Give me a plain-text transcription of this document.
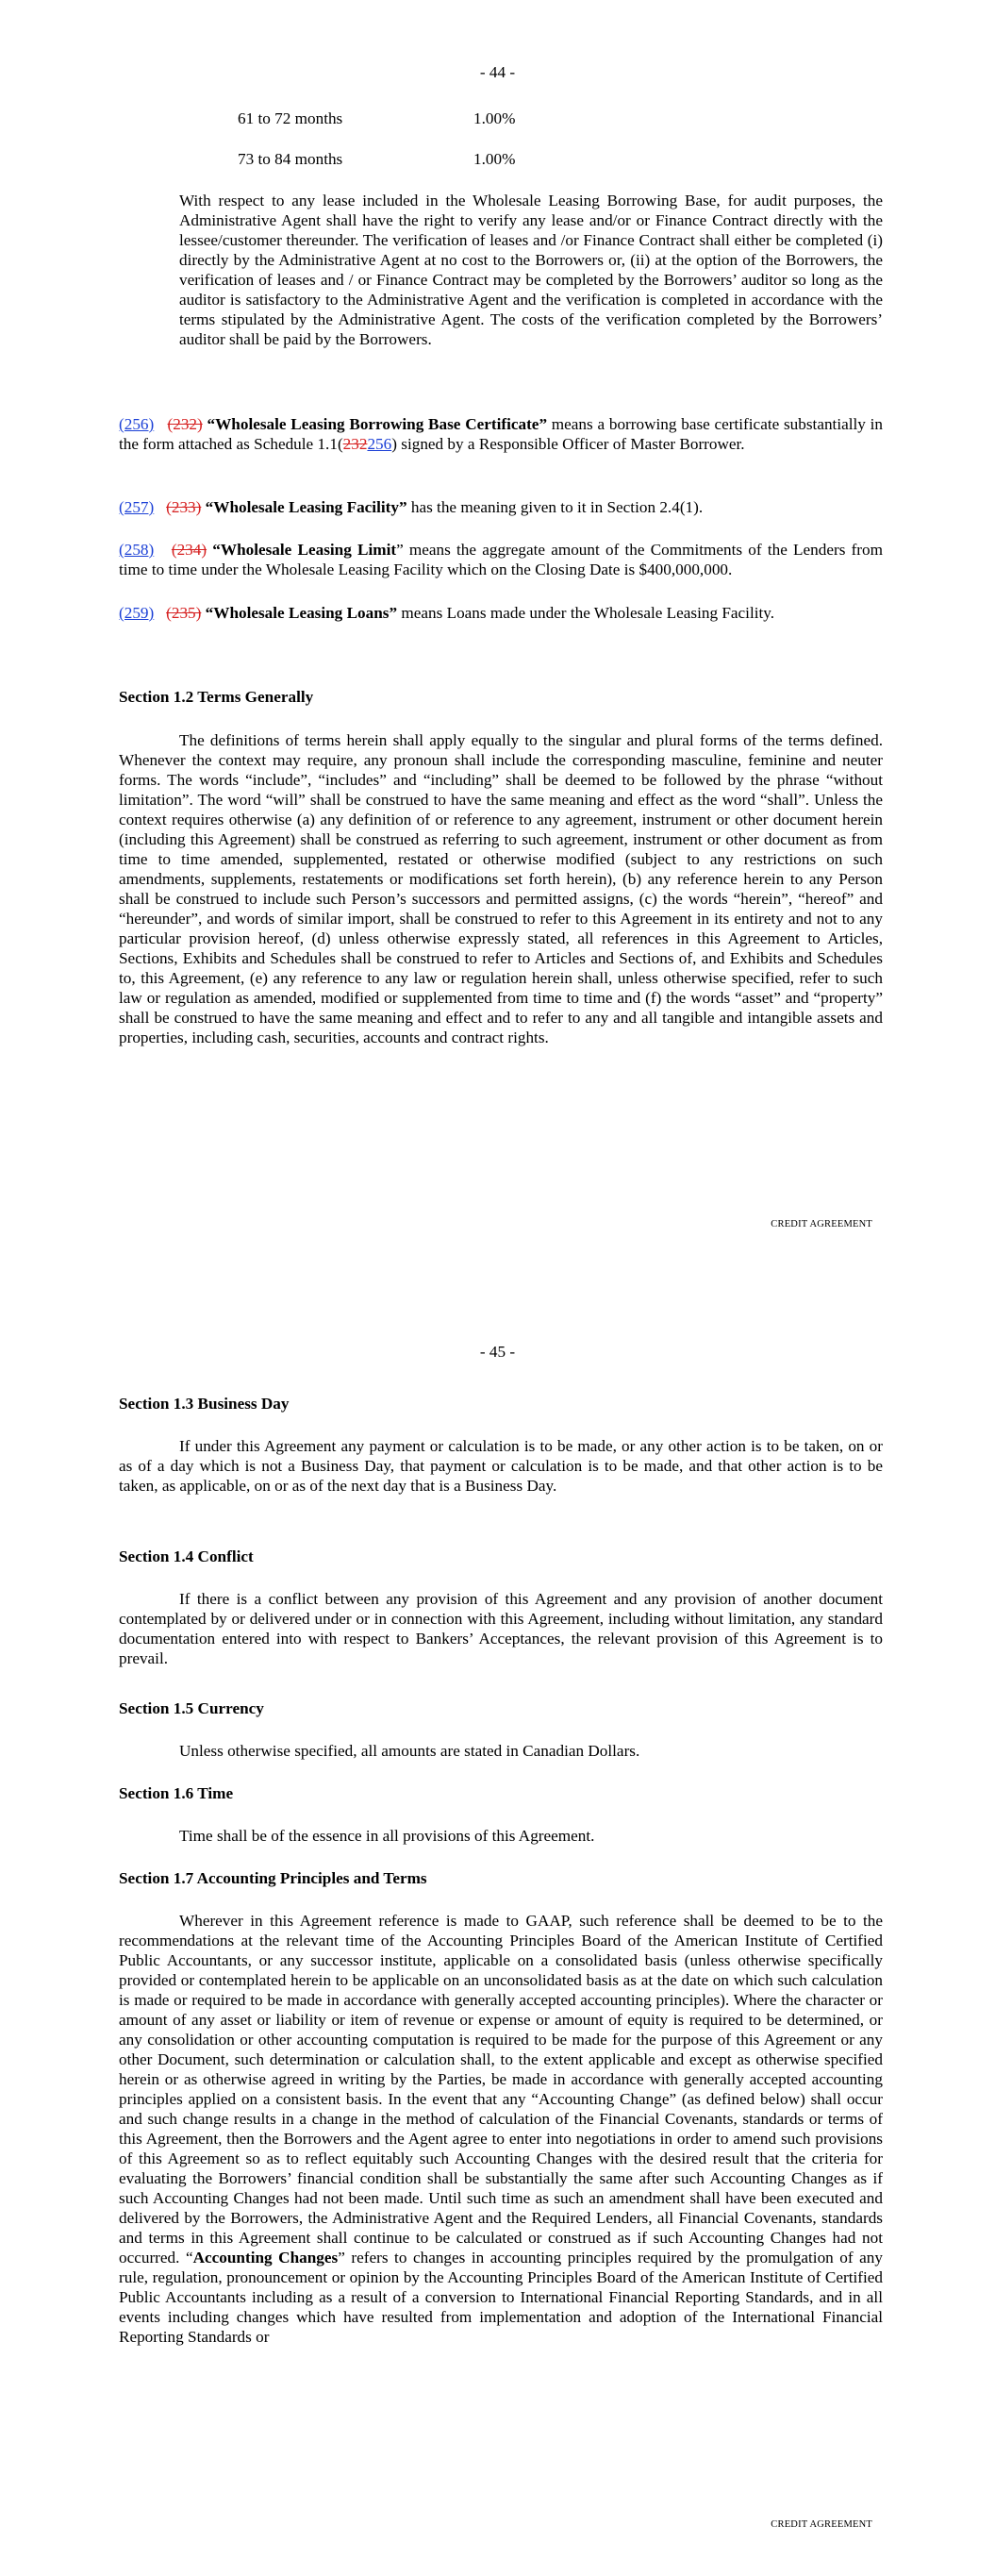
- 44 -
61 to 72 months	1.00%
73 to 84 months	1.00%
With respect to any lease included in the Wholesale Leasing Borrowing Base, for audit purposes, the Administrative Agent shall have the right to verify any lease and/or or Finance Contract directly with the lessee/customer thereunder. The verification of leases and /or Finance Contract shall either be completed (i) directly by the Administrative Agent at no cost to the Borrowers or, (ii) at the option of the Borrowers, the verification of leases and / or Finance Contract may be completed by the Borrowers’ auditor so long as the auditor is satisfactory to the Administrative Agent and the verification is completed in accordance with the terms stipulated by the Administrative Agent. The costs of the verification completed by the Borrowers’ auditor shall be paid by the Borrowers.
(256) (232) “Wholesale Leasing Borrowing Base Certificate” means a borrowing base certificate substantially in the form attached as Schedule 1.1(232256) signed by a Responsible Officer of Master Borrower.
(257) (233) “Wholesale Leasing Facility” has the meaning given to it in Section 2.4(1).
(258) (234) “Wholesale Leasing Limit” means the aggregate amount of the Commitments of the Lenders from time to time under the Wholesale Leasing Facility which on the Closing Date is $400,000,000.
(259) (235) “Wholesale Leasing Loans” means Loans made under the Wholesale Leasing Facility.
Section 1.2 Terms Generally
The definitions of terms herein shall apply equally to the singular and plural forms of the terms defined. Whenever the context may require, any pronoun shall include the corresponding masculine, feminine and neuter forms. The words “include”, “includes” and “including” shall be deemed to be followed by the phrase “without limitation”. The word “will” shall be construed to have the same meaning and effect as the word “shall”. Unless the context requires otherwise (a) any definition of or reference to any agreement, instrument or other document herein (including this Agreement) shall be construed as referring to such agreement, instrument or other document as from time to time amended, supplemented, restated or otherwise modified (subject to any restrictions on such amendments, supplements, restatements or modifications set forth herein), (b) any reference herein to any Person shall be construed to include such Person’s successors and permitted assigns, (c) the words “herein”, “hereof” and “hereunder”, and words of similar import, shall be construed to refer to this Agreement in its entirety and not to any particular provision hereof, (d) unless otherwise expressly stated, all references in this Agreement to Articles, Sections, Exhibits and Schedules shall be construed to refer to Articles and Sections of, and Exhibits and Schedules to, this Agreement, (e) any reference to any law or regulation herein shall, unless otherwise specified, refer to such law or regulation as amended, modified or supplemented from time to time and (f) the words “asset” and “property” shall be construed to have the same meaning and effect and to refer to any and all tangible and intangible assets and properties, including cash, securities, accounts and contract rights.
CREDIT AGREEMENT
- 45 -
Section 1.3 Business Day
If under this Agreement any payment or calculation is to be made, or any other action is to be taken, on or as of a day which is not a Business Day, that payment or calculation is to be made, and that other action is to be taken, as applicable, on or as of the next day that is a Business Day.
Section 1.4 Conflict
If there is a conflict between any provision of this Agreement and any provision of another document contemplated by or delivered under or in connection with this Agreement, including without limitation, any standard documentation entered into with respect to Bankers’ Acceptances, the relevant provision of this Agreement is to prevail.
Section 1.5 Currency
Unless otherwise specified, all amounts are stated in Canadian Dollars.
Section 1.6 Time
Time shall be of the essence in all provisions of this Agreement.
Section 1.7 Accounting Principles and Terms
Wherever in this Agreement reference is made to GAAP, such reference shall be deemed to be to the recommendations at the relevant time of the Accounting Principles Board of the American Institute of Certified Public Accountants, or any successor institute, applicable on a consolidated basis (unless otherwise specifically provided or contemplated herein to be applicable on an unconsolidated basis as at the date on which such calculation is made or required to be made in accordance with generally accepted accounting principles). Where the character or amount of any asset or liability or item of revenue or expense or amount of equity is required to be determined, or any consolidation or other accounting computation is required to be made for the purpose of this Agreement or any other Document, such determination or calculation shall, to the extent applicable and except as otherwise specified herein or as otherwise agreed in writing by the Parties, be made in accordance with generally accepted accounting principles applied on a consistent basis. In the event that any “Accounting Change” (as defined below) shall occur and such change results in a change in the method of calculation of the Financial Covenants, standards or terms of this Agreement, then the Borrowers and the Agent agree to enter into negotiations in order to amend such provisions of this Agreement so as to reflect equitably such Accounting Changes with the desired result that the criteria for evaluating the Borrowers’ financial condition shall be substantially the same after such Accounting Changes as if such Accounting Changes had not been made. Until such time as such an amendment shall have been executed and delivered by the Borrowers, the Administrative Agent and the Required Lenders, all Financial Covenants, standards and terms in this Agreement shall continue to be calculated or construed as if such Accounting Changes had not occurred. “Accounting Changes” refers to changes in accounting principles required by the promulgation of any rule, regulation, pronouncement or opinion by the Accounting Principles Board of the American Institute of Certified Public Accountants including as a result of a conversion to International Financial Reporting Standards, and in all events including changes which have resulted from implementation and adoption of the International Financial Reporting Standards or
CREDIT AGREEMENT
